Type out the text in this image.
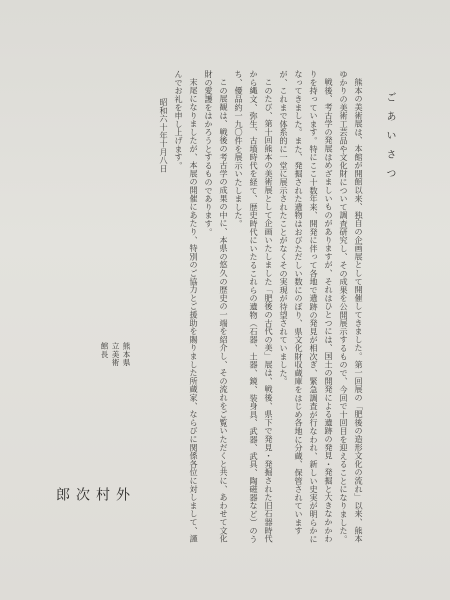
ごあいさつ

熊本の美術展は、本館が開館以来、独自の企画展として開催してきました。第一回展の「肥後の造形文化の流れ」以来、熊本ゆかりの美術工芸品や文化財について調査研究し、その成果を公開展示するもので、今回で十回目を迎えることになりました。

戦後、考古学の発展はめざましいものがありますが、それはひとつには、国土の開発による遺跡の発見・発掘と大きなかかわりを持っています。特にここ十数年来、開発に伴って各地で遺跡の発見が相次ぎ、緊急調査が行なわれ、新しい史実が明らかになってきました。また、発掘された遺物はおびただしい数にのぼり、県文化財収蔵庫をはじめ各地に分蔵、保管されていますが、これまで体系的に一堂に展示されたことがなくその実現が待望されていました。

このたび、第十回熊本の美術展として企画いたしました「肥後の古代の美」展は、戦後、県下で発見・発掘された旧石器時代から縄文、弥生、古墳時代を経て、歴史時代にいたるこれらの遺物（石器、土器、鏡、装身具、武器、武具、陶磁器など）のうち、優品約一九〇件を展示いたしました。

この展観は、戦後の考古学の成果の中に、本県の悠久の歴史の一端を紹介し、その流れをご覧いただくと共に、あわせて文化財の愛護をはかろうとするものであります。

末尾になりましたが、本展の開催にあたり、特別のご協力とご援助を賜りました所蔵家、ならびに関係各位に対しまして、謹んでお礼を申し上げます。

昭和六十年十月八日

熊本県立美術館長
外村次郎
